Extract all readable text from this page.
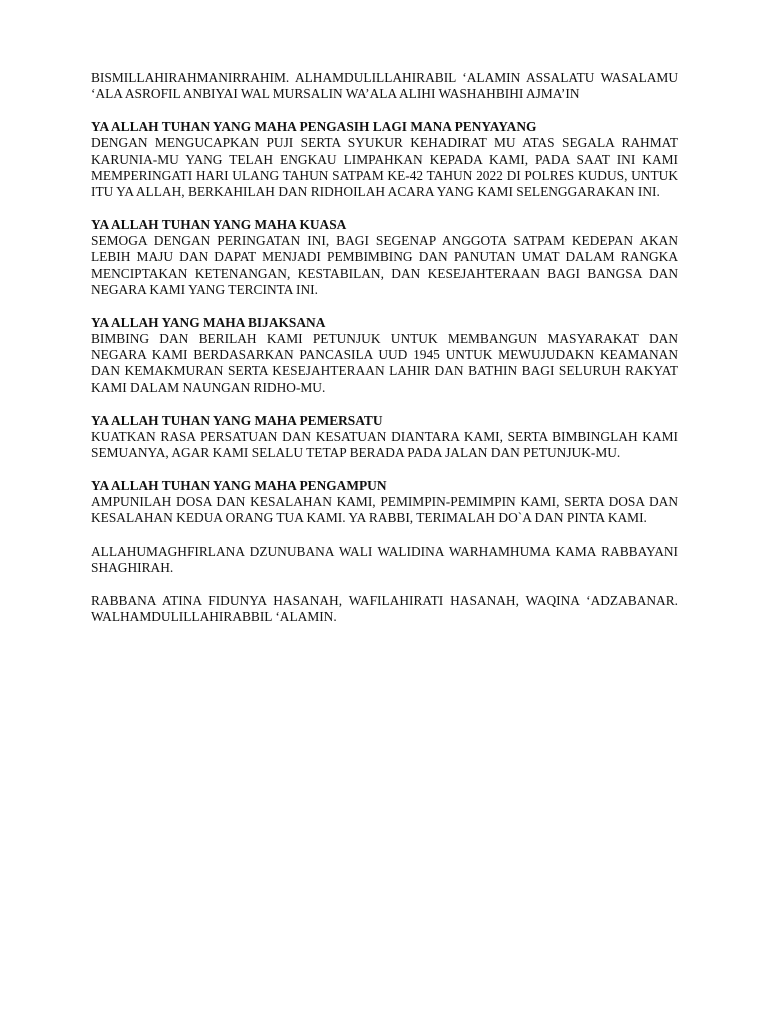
BISMILLAHIRAHMANIRRAHIM. ALHAMDULILLAHIRABIL ‘ALAMIN ASSALATU WASALAMU ‘ALA ASROFIL ANBIYAI WAL MURSALIN WA’ALA ALIHI WASHAHBIHI AJMA’IN

YA ALLAH TUHAN YANG MAHA PENGASIH LAGI MANA PENYAYANG

DENGAN MENGUCAPKAN PUJI SERTA SYUKUR KEHADIRAT MU ATAS SEGALA RAHMAT KARUNIA-MU YANG TELAH ENGKAU LIMPAHKAN KEPADA KAMI, PADA SAAT INI KAMI MEMPERINGATI HARI ULANG TAHUN SATPAM KE-42 TAHUN 2022 DI POLRES KUDUS, UNTUK ITU YA ALLAH, BERKAHILAH DAN RIDHOILAH ACARA YANG KAMI SELENGGARAKAN INI.

YA ALLAH TUHAN YANG MAHA KUASA

SEMOGA DENGAN PERINGATAN INI, BAGI SEGENAP ANGGOTA SATPAM KEDEPAN AKAN LEBIH MAJU DAN DAPAT MENJADI PEMBIMBING DAN PANUTAN UMAT DALAM RANGKA MENCIPTAKAN KETENANGAN, KESTABILAN, DAN KESEJAHTERAAN BAGI BANGSA DAN NEGARA KAMI YANG TERCINTA INI.

YA ALLAH YANG MAHA BIJAKSANA

BIMBING DAN BERILAH KAMI PETUNJUK UNTUK MEMBANGUN MASYARAKAT DAN NEGARA KAMI BERDASARKAN PANCASILA UUD 1945 UNTUK MEWUJUDAKN KEAMANAN DAN KEMAKMURAN SERTA KESEJAHTERAAN LAHIR DAN BATHIN BAGI SELURUH RAKYAT KAMI DALAM NAUNGAN RIDHO-MU.

YA ALLAH TUHAN YANG MAHA PEMERSATU

KUATKAN RASA PERSATUAN DAN KESATUAN DIANTARA KAMI, SERTA BIMBINGLAH KAMI SEMUANYA, AGAR KAMI SELALU TETAP BERADA PADA JALAN DAN PETUNJUK-MU.

YA ALLAH TUHAN YANG MAHA PENGAMPUN

AMPUNILAH DOSA DAN KESALAHAN KAMI, PEMIMPIN-PEMIMPIN KAMI, SERTA DOSA DAN KESALAHAN KEDUA ORANG TUA KAMI. YA RABBI, TERIMALAH DO`A DAN PINTA KAMI.

ALLAHUMAGHFIRLANA DZUNUBANA WALI WALIDINA WARHAMHUMA KAMA RABBAYANI SHAGHIRAH.

RABBANA ATINA FIDUNYA HASANAH, WAFILAHIRATI HASANAH, WAQINA ‘ADZABANAR. WALHAMDULILLAHIRABBIL ‘ALAMIN.
